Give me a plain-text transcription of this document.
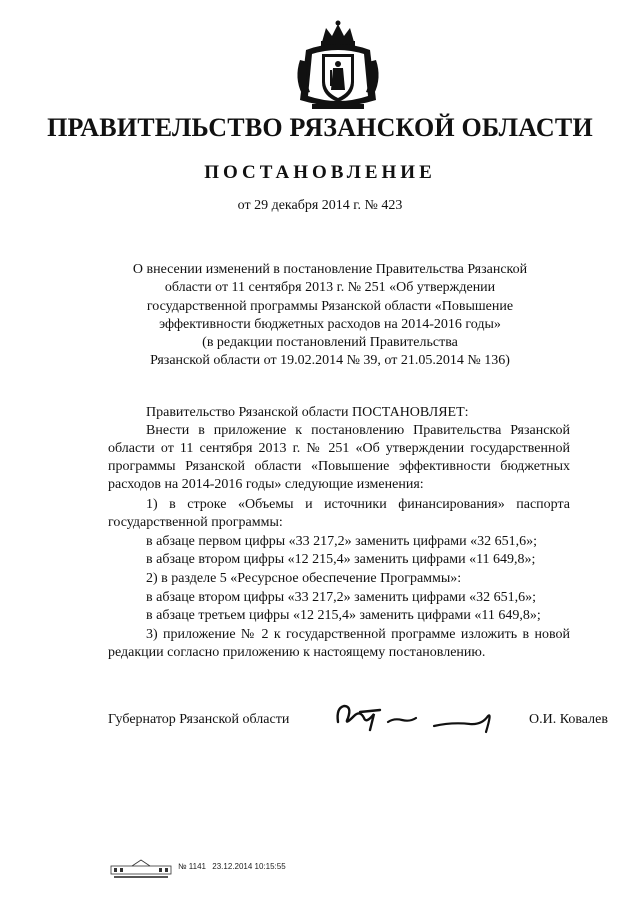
ПРАВИТЕЛЬСТВО РЯЗАНСКОЙ ОБЛАСТИ
ПОСТАНОВЛЕНИЕ
от 29 декабря 2014 г. № 423
О внесении изменений в постановление Правительства Рязанской
области от 11 сентября 2013 г. № 251 «Об утверждении
государственной программы Рязанской области «Повышение
эффективности бюджетных расходов на 2014-2016 годы»
(в редакции постановлений Правительства
Рязанской области от 19.02.2014 № 39, от 21.05.2014 № 136)
Правительство Рязанской области ПОСТАНОВЛЯЕТ:
Внести в приложение к постановлению Правительства Рязанской
области от 11 сентября 2013 г. № 251 «Об утверждении государственной
программы Рязанской области «Повышение эффективности бюджетных
расходов на 2014-2016 годы» следующие изменения:
1) в строке «Объемы и источники финансирования» паспорта
государственной программы:
в абзаце первом цифры «33 217,2» заменить цифрами «32 651,6»;
в абзаце втором цифры «12 215,4» заменить цифрами «11 649,8»;
2) в разделе 5 «Ресурсное обеспечение Программы»:
в абзаце втором цифры «33 217,2» заменить цифрами «32 651,6»;
в абзаце третьем цифры «12 215,4» заменить цифрами «11 649,8»;
3) приложение № 2 к государственной программе изложить в новой
редакции согласно приложению к настоящему постановлению.
Губернатор Рязанской области	О.И. Ковалев
№ 1141 23.12.2014 10:15:55
